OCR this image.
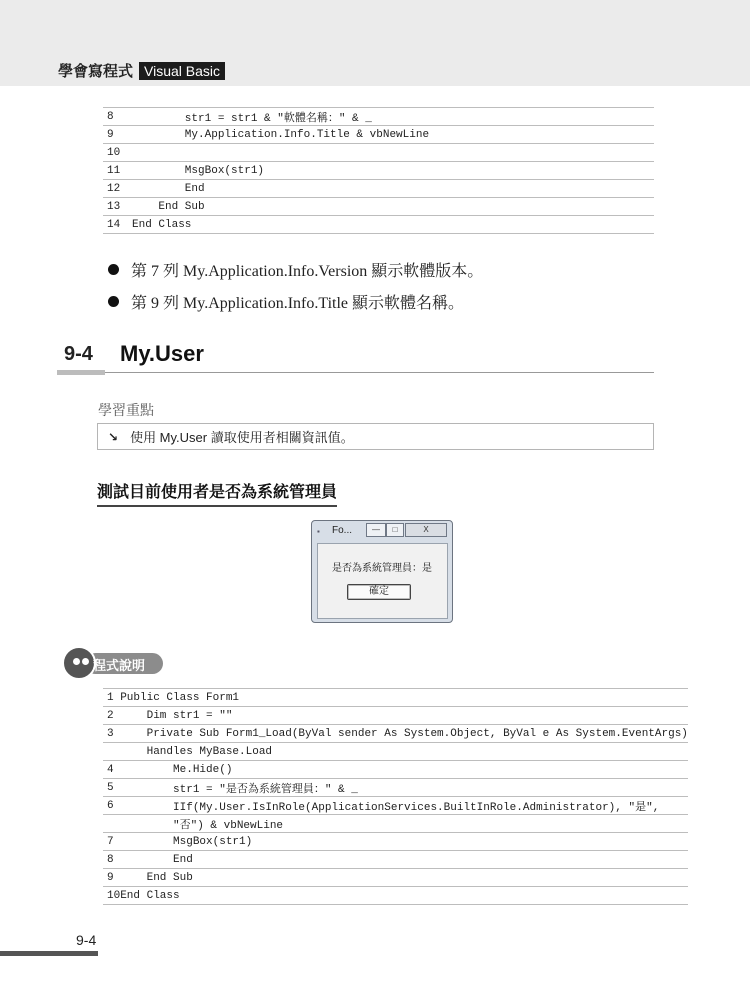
學會寫程式 Visual Basic
8	str1 = str1 & "軟體名稱：" & _
9	My.Application.Info.Title & vbNewLine
10	
11	MsgBox(str1)
12	End
13	End Sub
14	End Class
第 7 列 My.Application.Info.Version 顯示軟體版本。
第 9 列 My.Application.Info.Title 顯示軟體名稱。
9-4 My.User
學習重點
↘ 使用 My.User 讀取使用者相關資訊值。
測試目前使用者是否為系統管理員
▪ Fo...	—	□	X
是否為系統管理員：是
確定
程式說明
1	Public Class Form1
2	Dim str1 = ""
3	Private Sub Form1_Load(ByVal sender As System.Object, ByVal e As System.EventArgs)
	Handles MyBase.Load
4	Me.Hide()
5	str1 = "是否為系統管理員：" & _
6	IIf(My.User.IsInRole(ApplicationServices.BuiltInRole.Administrator), "是",
	"否") & vbNewLine
7	MsgBox(str1)
8	End
9	End Sub
10	End Class
9-4
